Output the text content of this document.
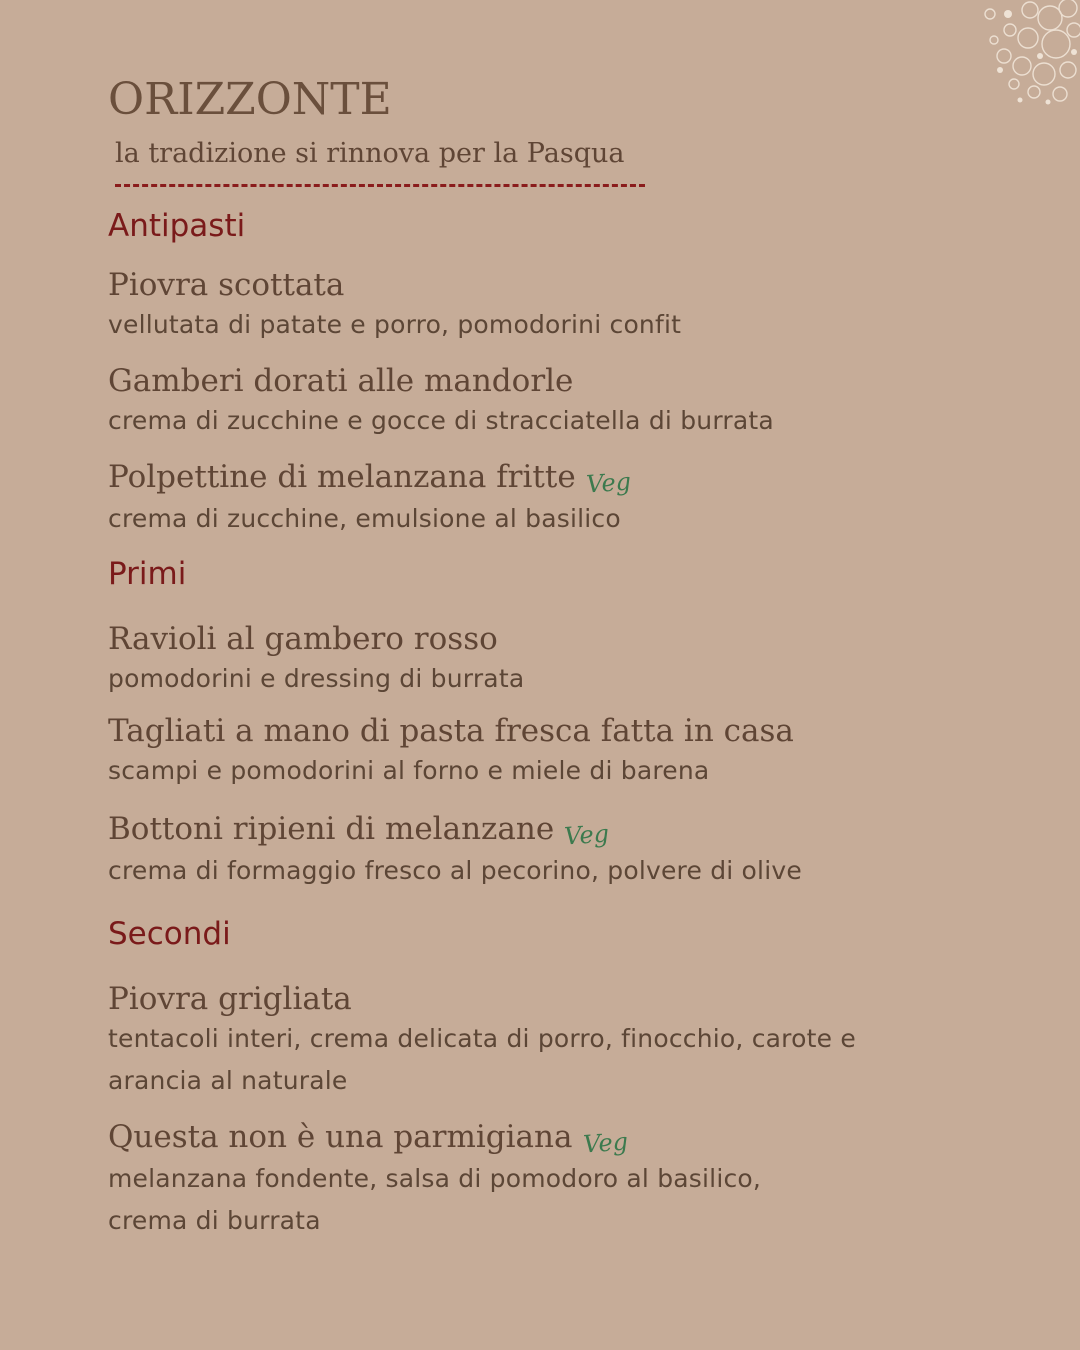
ORIZZONTE
la tradizione si rinnova per la Pasqua
Antipasti
Piovra scottata
vellutata di patate e porro, pomodorini confit
Gamberi dorati alle mandorle
crema di zucchine e gocce di stracciatella di burrata
Polpettine di melanzana fritte Veg
crema di zucchine, emulsione al basilico
Primi
Ravioli al gambero rosso
pomodorini e dressing di burrata
Tagliati a mano di pasta fresca fatta in casa
scampi e pomodorini al forno e miele di barena
Bottoni ripieni di melanzane Veg
crema di formaggio fresco al pecorino, polvere di olive
Secondi
Piovra grigliata
tentacoli interi, crema delicata di porro, finocchio, carote e arancia al naturale
Questa non è una parmigiana Veg
melanzana fondente, salsa di pomodoro al basilico, crema di burrata
